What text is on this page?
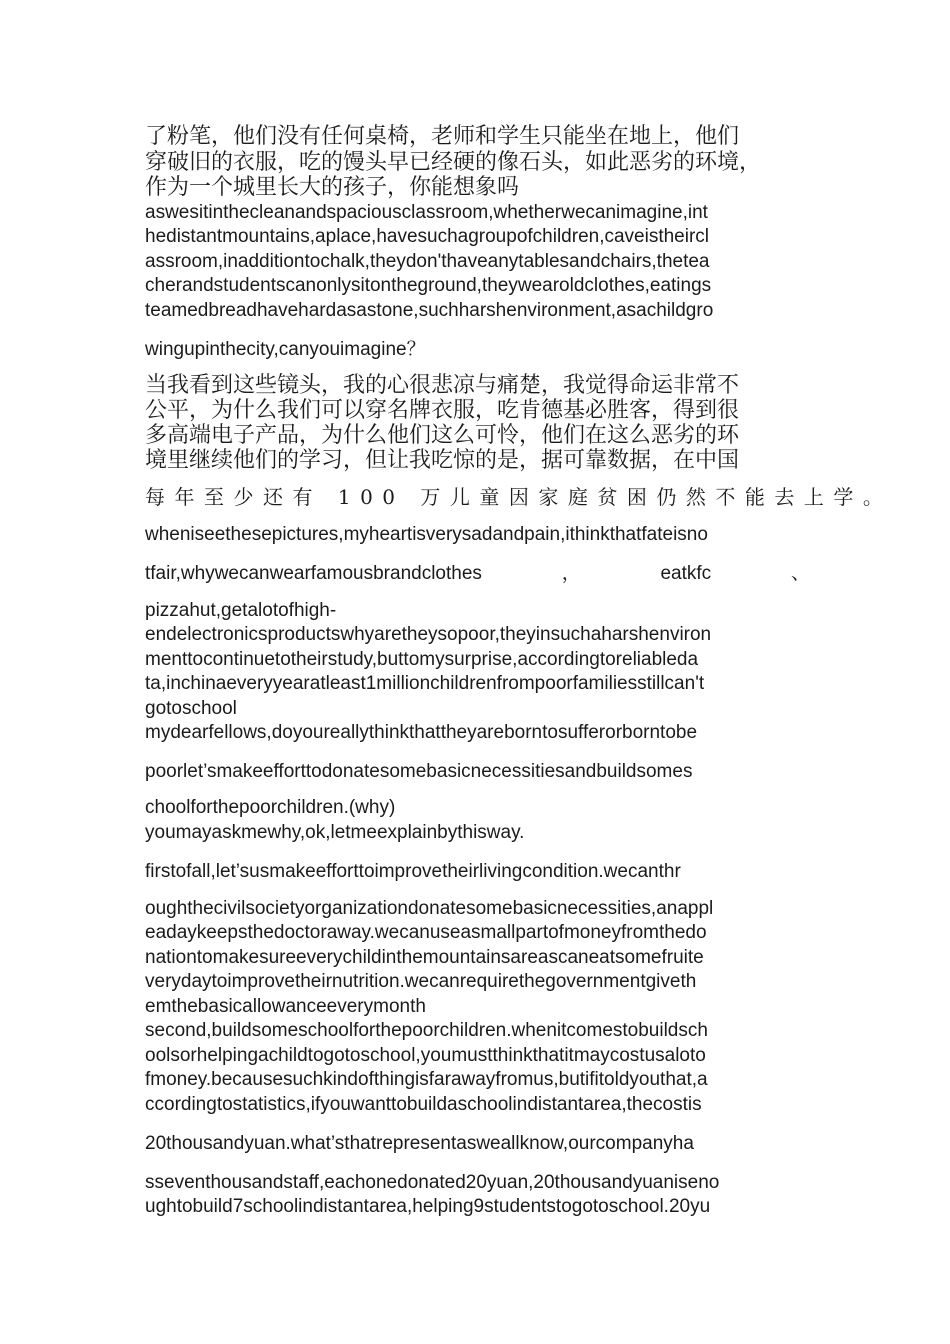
了粉笔，他们没有任何桌椅，老师和学生只能坐在地上，他们

穿破旧的衣服，吃的馒头早已经硬的像石头，如此恶劣的环境，

作为一个城里长大的孩子，你能想象吗

aswesitinthecleanandspaciousclassroom,whetherwecanimagine,int

hedistantmountains,aplace,havesuchagroupofchildren,caveistheircl

assroom,inadditiontochalk,theydon'thaveanytablesandchairs,thetea

cherandstudentscanonlysitontheground,theywearoldclothes,eatings

teamedbreadhavehardasastone,suchharshenvironment,asachildgro

wingupinthecity,canyouimagine？

当我看到这些镜头，我的心很悲凉与痛楚，我觉得命运非常不

公平，为什么我们可以穿名牌衣服，吃肯德基必胜客，得到很

多高端电子产品，为什么他们这么可怜，他们在这么恶劣的环

境里继续他们的学习，但让我吃惊的是，据可靠数据，在中国

每年至少还有 100 万儿童因家庭贫困仍然不能去上学。

wheniseethesepictures,myheartisverysadandpain,ithinkthatfateisno

tfair,whywecanwearfamousbrandclothes	，	eatkfc	、

pizzahut,getalotofhigh-

endelectronicsproductswhyaretheysopoor,theyinsuchaharshenviron

menttocontinuetotheirstudy,buttomysurprise,accordingtoreliableda

ta,inchinaeveryyearatleast1millionchildrenfrompoorfamiliesstillcan't

gotoschool

mydearfellows,doyoureallythinkthattheyareborntosufferorborntobe

poorlet’smakeefforttodonatesomebasicnecessitiesandbuildsomes

choolforthepoorchildren.(why)

youmayaskmewhy,ok,letmeexplainbythisway.

firstofall,let’susmakeefforttoimprovetheirlivingcondition.wecanthr

oughthecivilsocietyorganizationdonatesomebasicnecessities,anappl

eadaykeepsthedoctoraway.wecanuseasmallpartofmoneyfromthedo

nationtomakesureeverychildinthemountainsareascaneatsomefruite

verydaytoimprovetheirnutrition.wecanrequirethegovernmentgiveth

emthebasicallowanceeverymonth

second,buildsomeschoolforthepoorchildren.whenitcomestobuildsch

oolsorhelpingachildtogotoschool,youmustthinkthatitmaycostusaloto

fmoney.becausesuchkindofthingisfarawayfromus,butifitoldyouthat,a

ccordingtostatistics,ifyouwanttobuildaschoolindistantarea,thecostis

20thousandyuan.what’sthatrepresentasweallknow,ourcompanyha

sseventhousandstaff,eachonedonated20yuan,20thousandyuaniseno

ughtobuild7schoolindistantarea,helping9studentstogotoschool.20yu
